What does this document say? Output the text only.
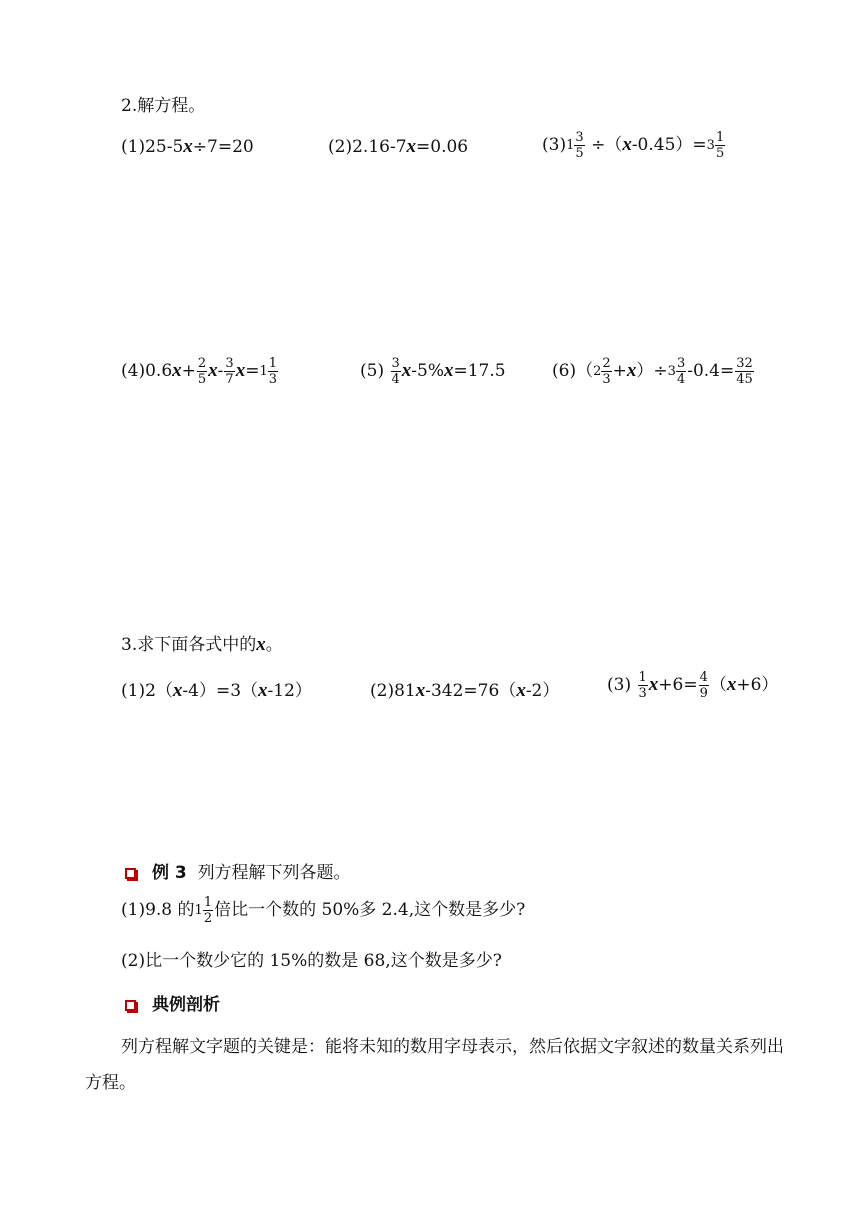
2.解方程。
(1)25-5x÷7=20	(2)2.16-7x=0.06	(3) $1 \frac{3}{5} \div(x-0.45)= 3 \frac{1}{5}$
$(4)0.6x+ \frac{2}{5} x- \frac{3}{7} x= 1 \frac{1}{3}$	$(5) \frac{3}{4} x-5\%x=17.5$	(6)（ $2 \frac{2}{3} +x)\div 3 \frac{3}{4} -0.4= \frac{32}{45}$
3.求下面各式中的x。
(1)2（x-4）=3（x-12）	(2)81x-342=76（x-2）	$(3) \frac{1}{3} x+6= \frac{4}{9} (x+6)$
例 3 列方程解下列各题。
(1)9.8 的 $1 \frac{1}{2}$ 倍比一个数的 50%多 2.4,这个数是多少?
(2)比一个数少它的 15%的数是 68,这个数是多少?
典例剖析
列方程解文字题的关键是：能将未知的数用字母表示，然后依据文字叙述的数量关系列出方程。
